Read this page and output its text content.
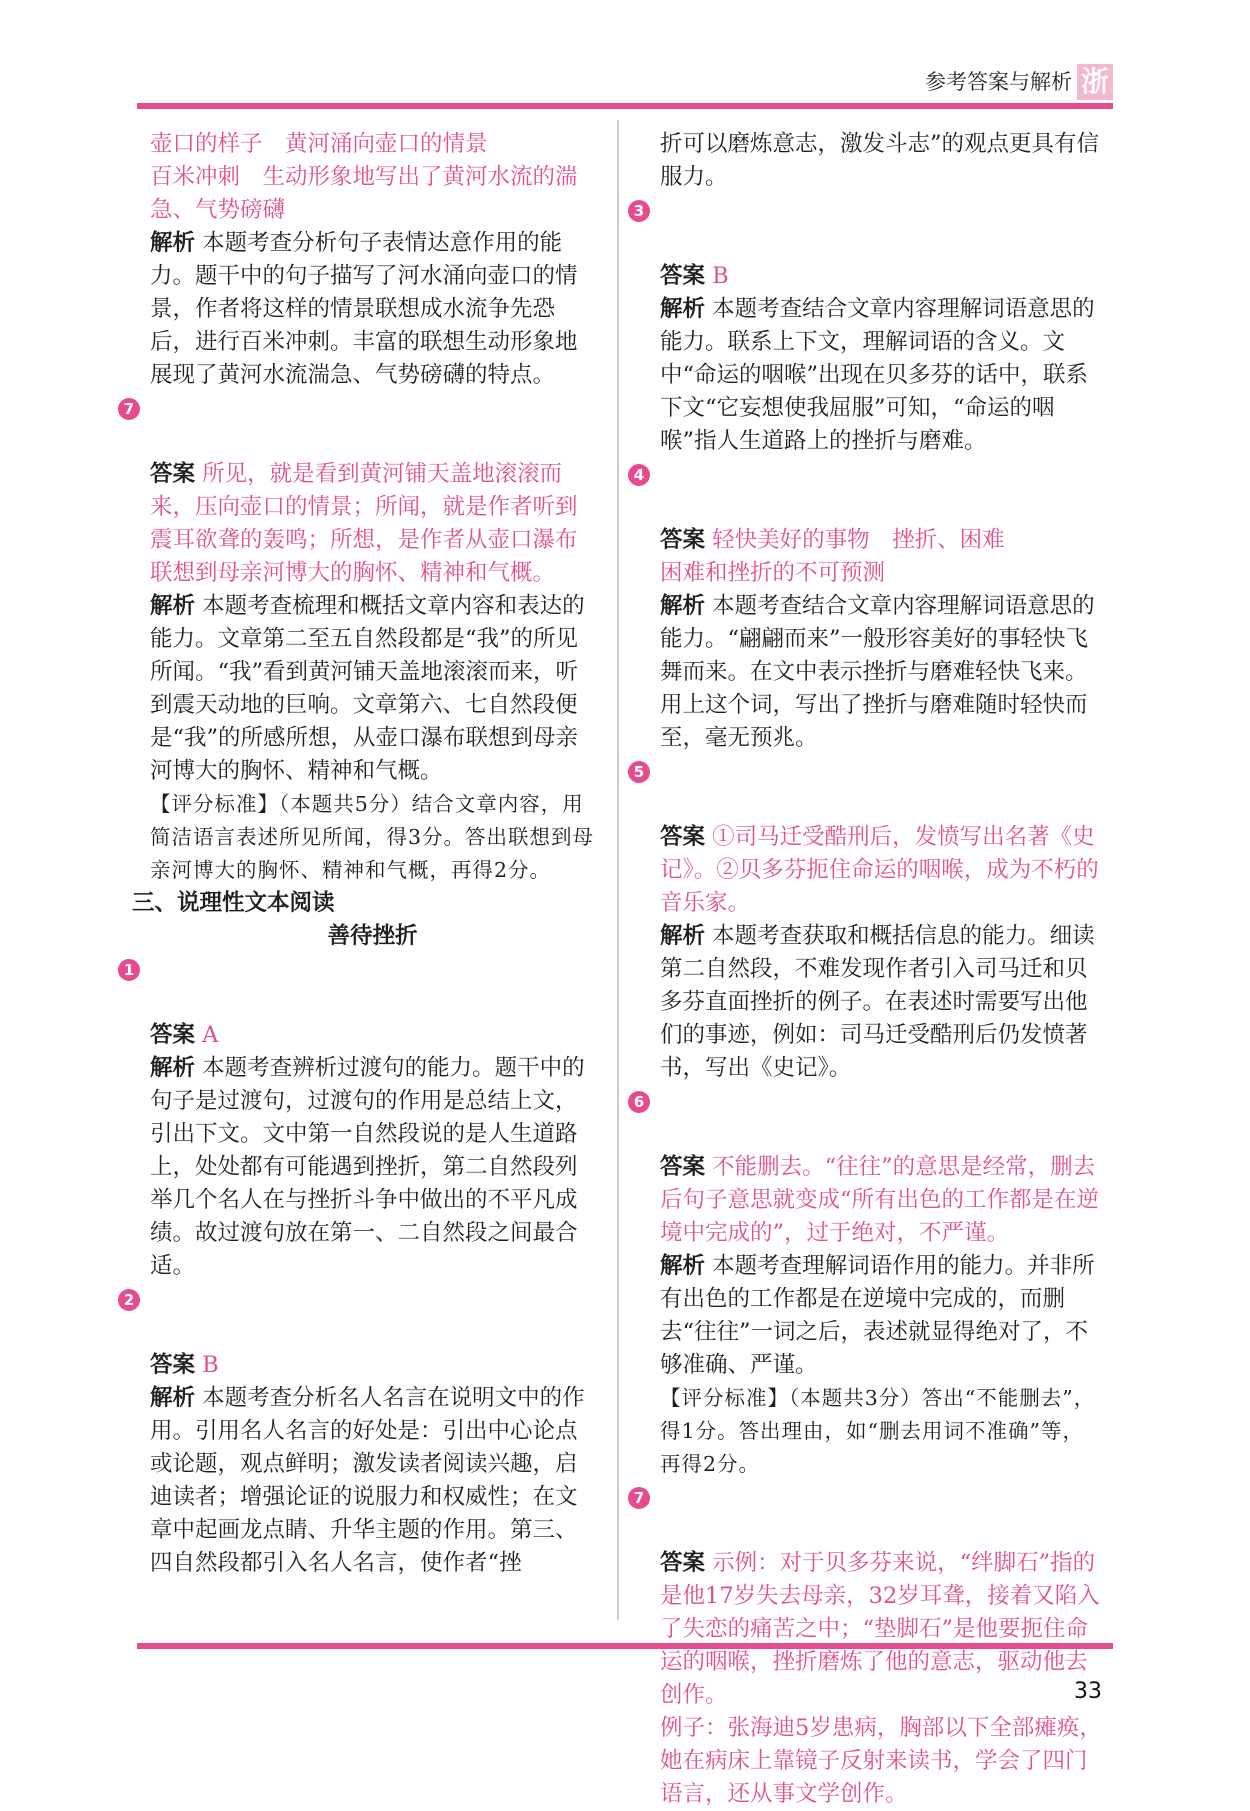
参考答案与解析 浙
壶口的样子　黄河涌向壶口的情景
百米冲刺　生动形象地写出了黄河水流的湍急、气势磅礴
解析 本题考查分析句子表情达意作用的能力。题干中的句子描写了河水涌向壶口的情景，作者将这样的情景联想成水流争先恐后，进行百米冲刺。丰富的联想生动形象地展现了黄河水流湍急、气势磅礴的特点。

7

答案 所见，就是看到黄河铺天盖地滚滚而来，压向壶口的情景；所闻，就是作者听到震耳欲聋的轰鸣；所想，是作者从壶口瀑布联想到母亲河博大的胸怀、精神和气概。

解析 本题考查梳理和概括文章内容和表达的能力。文章第二至五自然段都是“我”的所见所闻。“我”看到黄河铺天盖地滚滚而来，听到震天动地的巨响。文章第六、七自然段便是“我”的所感所想，从壶口瀑布联想到母亲河博大的胸怀、精神和气概。
【评分标准】（本题共5分）结合文章内容，用简洁语言表述所见所闻，得3分。答出联想到母亲河博大的胸怀、精神和气概，再得2分。
三、说理性文本阅读
善待挫折

1

答案 A

解析 本题考查辨析过渡句的能力。题干中的句子是过渡句，过渡句的作用是总结上文，引出下文。文中第一自然段说的是人生道路上，处处都有可能遇到挫折，第二自然段列举几个名人在与挫折斗争中做出的不平凡成绩。故过渡句放在第一、二自然段之间最合适。

2

答案 B

解析 本题考查分析名人名言在说明文中的作用。引用名人名言的好处是：引出中心论点或论题，观点鲜明；激发读者阅读兴趣，启迪读者；增强论证的说服力和权威性；在文章中起画龙点睛、升华主题的作用。第三、四自然段都引入名人名言，使作者“挫
折可以磨炼意志，激发斗志”的观点更具有信服力。

3

答案 B

解析 本题考查结合文章内容理解词语意思的能力。联系上下文，理解词语的含义。文中“命运的咽喉”出现在贝多芬的话中，联系下文“它妄想使我屈服”可知，“命运的咽喉”指人生道路上的挫折与磨难。

4

答案 轻快美好的事物　挫折、困难
困难和挫折的不可预测

解析 本题考查结合文章内容理解词语意思的能力。“翩翩而来”一般形容美好的事轻快飞舞而来。在文中表示挫折与磨难轻快飞来。用上这个词，写出了挫折与磨难随时轻快而至，毫无预兆。

5

答案 ①司马迁受酷刑后，发愤写出名著《史记》。②贝多芬扼住命运的咽喉，成为不朽的音乐家。

解析 本题考查获取和概括信息的能力。细读第二自然段，不难发现作者引入司马迁和贝多芬直面挫折的例子。在表述时需要写出他们的事迹，例如：司马迁受酷刑后仍发愤著书，写出《史记》。

6

答案 不能删去。“往往”的意思是经常，删去后句子意思就变成“所有出色的工作都是在逆境中完成的”，过于绝对，不严谨。

解析 本题考查理解词语作用的能力。并非所有出色的工作都是在逆境中完成的，而删去“往往”一词之后，表述就显得绝对了，不够准确、严谨。
【评分标准】（本题共3分）答出“不能删去”，得1分。答出理由，如“删去用词不准确”等，再得2分。

7

答案 示例：对于贝多芬来说，“绊脚石”指的是他17岁失去母亲，32岁耳聋，接着又陷入了失恋的痛苦之中；“垫脚石”是他要扼住命运的咽喉，挫折磨炼了他的意志，驱动他去创作。
例子：张海迪5岁患病，胸部以下全部瘫痪，她在病床上靠镜子反射来读书，学会了四门语言，还从事文学创作。

33
